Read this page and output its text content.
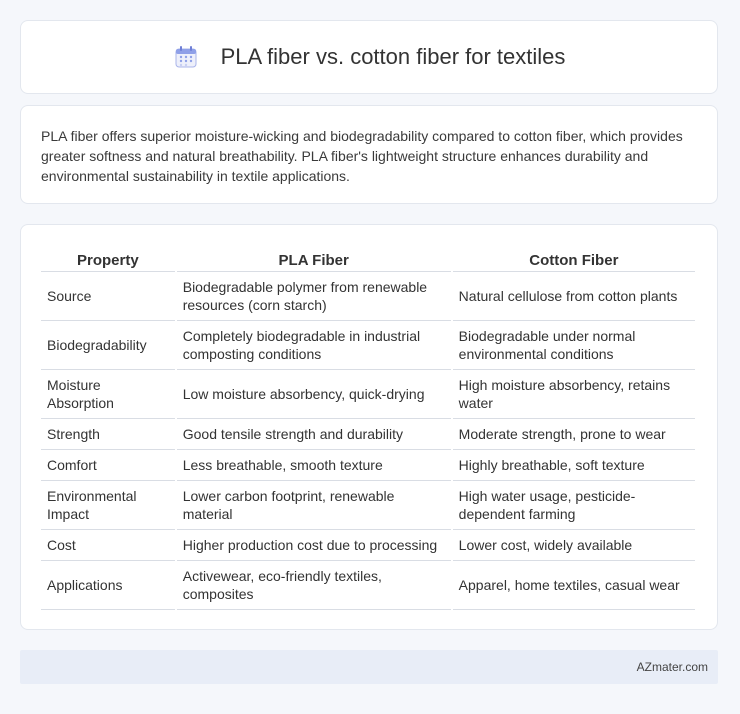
PLA fiber vs. cotton fiber for textiles

PLA fiber offers superior moisture-wicking and biodegradability compared to cotton fiber, which provides greater softness and natural breathability. PLA fiber's lightweight structure enhances durability and environmental sustainability in textile applications.

Property	PLA Fiber	Cotton Fiber
Source	Biodegradable polymer from renewable resources (corn starch)	Natural cellulose from cotton plants
Biodegradability	Completely biodegradable in industrial composting conditions	Biodegradable under normal environmental conditions
Moisture Absorption	Low moisture absorbency, quick-drying	High moisture absorbency, retains water
Strength	Good tensile strength and durability	Moderate strength, prone to wear
Comfort	Less breathable, smooth texture	Highly breathable, soft texture
Environmental Impact	Lower carbon footprint, renewable material	High water usage, pesticide-dependent farming
Cost	Higher production cost due to processing	Lower cost, widely available
Applications	Activewear, eco-friendly textiles, composites	Apparel, home textiles, casual wear
AZmater.com
